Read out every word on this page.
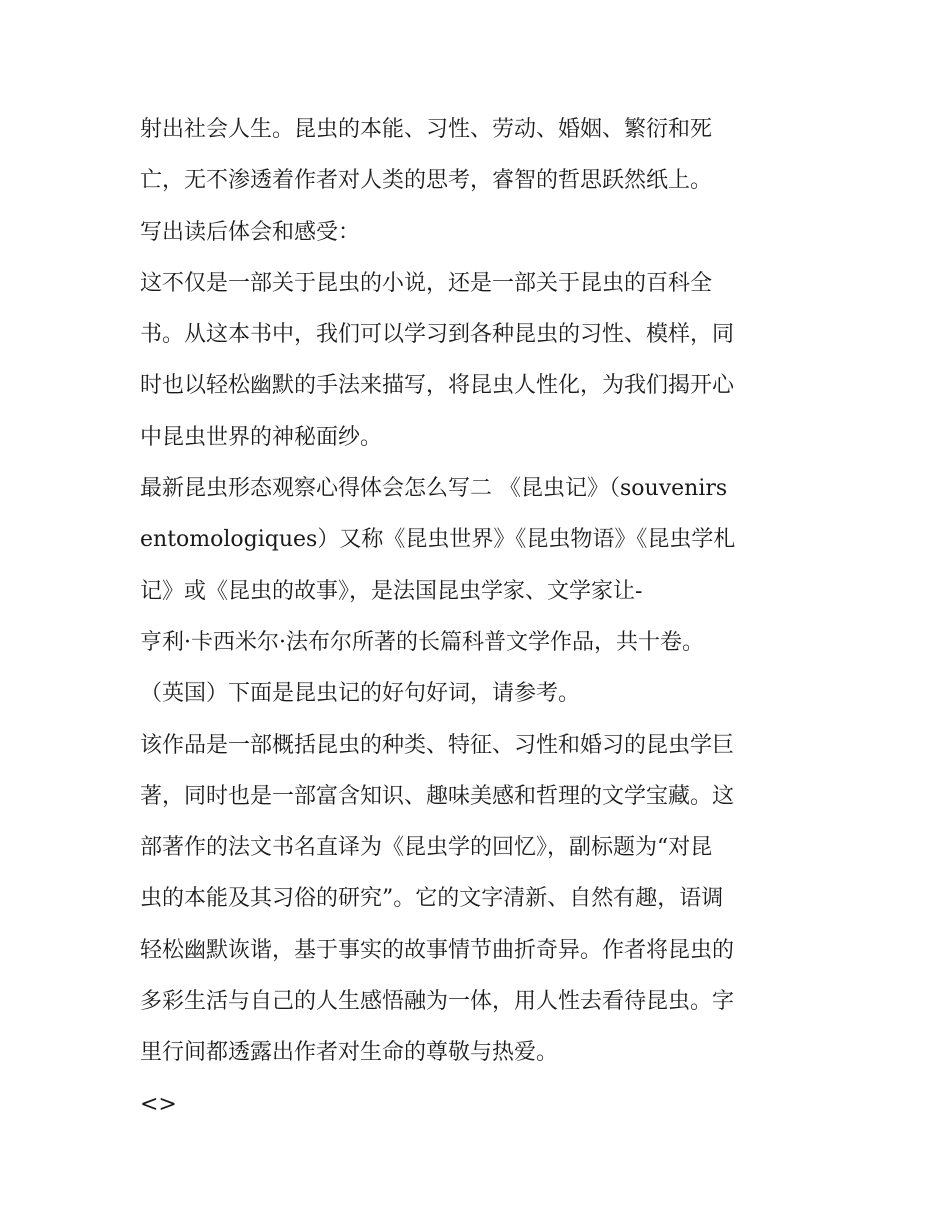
射出社会人生。昆虫的本能、习性、劳动、婚姻、繁衍和死
亡，无不渗透着作者对人类的思考，睿智的哲思跃然纸上。
写出读后体会和感受：
这不仅是一部关于昆虫的小说，还是一部关于昆虫的百科全
书。从这本书中，我们可以学习到各种昆虫的习性、模样，同
时也以轻松幽默的手法来描写，将昆虫人性化，为我们揭开心
中昆虫世界的神秘面纱。
最新昆虫形态观察心得体会怎么写二 《昆虫记》（souvenirs
entomologiques）又称《昆虫世界》《昆虫物语》《昆虫学札
记》或《昆虫的故事》，是法国昆虫学家、文学家让-
亨利·卡西米尔·法布尔所著的长篇科普文学作品，共十卷。
（英国）下面是昆虫记的好句好词，请参考。
该作品是一部概括昆虫的种类、特征、习性和婚习的昆虫学巨
著，同时也是一部富含知识、趣味美感和哲理的文学宝藏。这
部著作的法文书名直译为《昆虫学的回忆》，副标题为“对昆
虫的本能及其习俗的研究”。它的文字清新、自然有趣，语调
轻松幽默诙谐，基于事实的故事情节曲折奇异。作者将昆虫的
多彩生活与自己的人生感悟融为一体，用人性去看待昆虫。字
里行间都透露出作者对生命的尊敬与热爱。
<>
